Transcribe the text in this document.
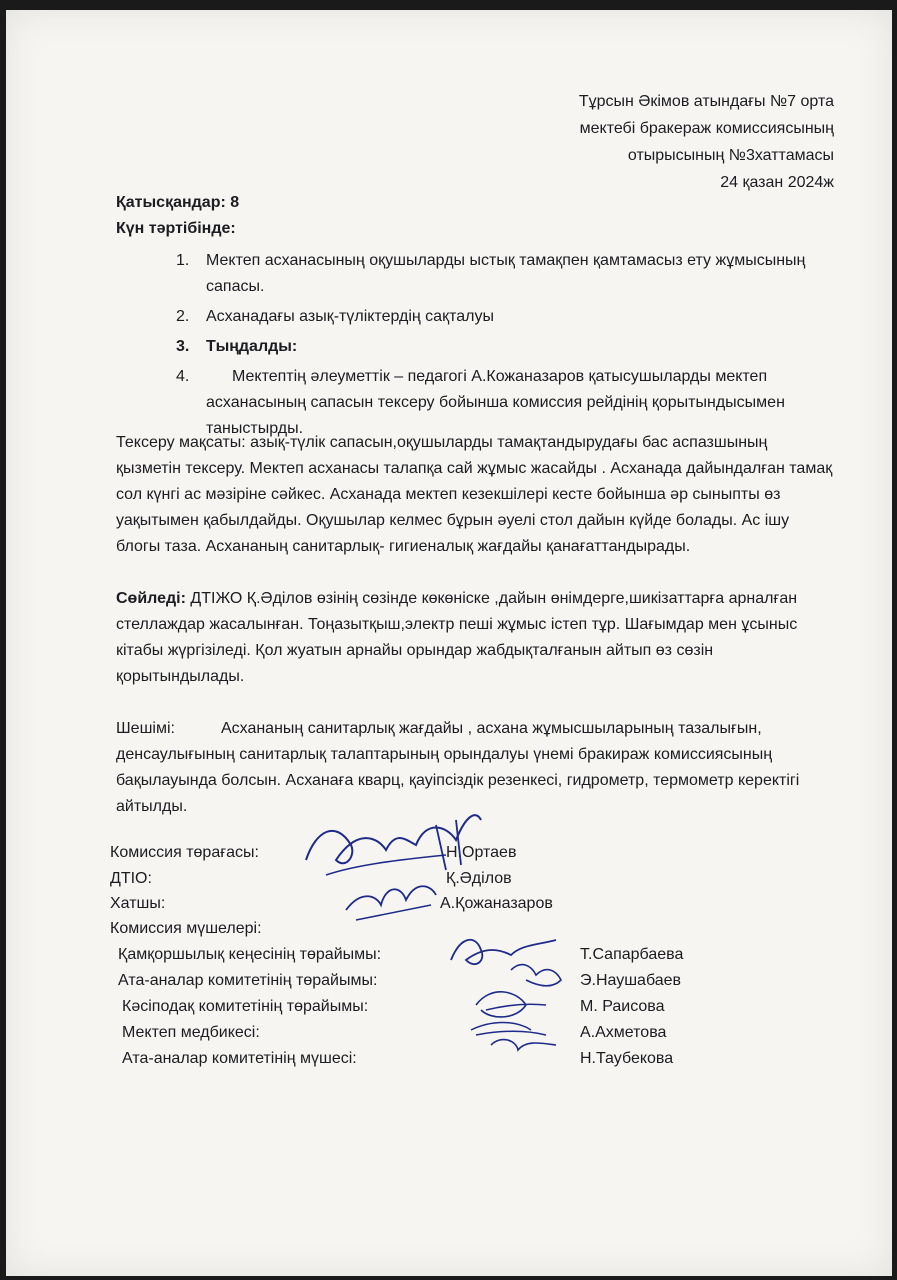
Тұрсын Әкімов атындағы №7 орта
мектебі бракераж комиссиясының
отырысының №3хаттамасы
24 қазан 2024ж
Қатысқандар: 8
Күн тәртібінде:
1.	Мектеп асханасының оқушыларды ыстық тамақпен қамтамасыз ету жұмысының сапасы.
2.	Асханадағы азық-түліктердің сақталуы
3.	Тыңдалды:
4.	Мектептің әлеуметтік – педагогі А.Кожаназаров қатысушыларды мектеп асханасының сапасын тексеру бойынша комиссия рейдінің қорытындысымен таныстырды.

Тексеру мақсаты: азық-түлік сапасын,оқушыларды тамақтандырудағы бас аспазшының қызметін тексеру. Мектеп асханасы талапқа сай жұмыс жасайды . Асханада дайындалған тамақ сол күнгі ас мәзіріне сәйкес. Асханада мектеп кезекшілері кесте бойынша әр сыныпты өз уақытымен қабылдайды. Оқушылар келмес бұрын әуелі стол дайын күйде болады. Ас ішу блогы таза. Асхананың санитарлық- гигиеналық жағдайы қанағаттандырады.

Сөйледі: ДТІЖО Қ.Әділов өзінің сөзінде көкөніске ,дайын өнімдерге,шикізаттарға арналған стеллаждар жасалынған. Тоңазытқыш,электр пеші жұмыс істеп тұр. Шағымдар мен ұсыныс кітабы жүргізіледі. Қол жуатын арнайы орындар жабдықталғанын айтып өз сөзін қорытындылады.

Шешімі:	Асхананың санитарлық жағдайы , асхана жұмысшыларының тазалығын, денсаулығының санитарлық талаптарының орындалуы үнемі бракираж комиссиясының бақылауында болсын. Асханаға кварц, қауіпсіздік резенкесі, гидрометр, термометр керектігі айтылды.

Комиссия төрағасы:	Н.Ортаев
ДТІО:	Қ.Әділов
Хатшы:	А.Қожаназаров
Комиссия мүшелері:
Қамқоршылық кеңесінің төрайымы:	Т.Сапарбаева
Ата-аналар комитетінің төрайымы:	Э.Наушабаев
Кәсіподақ комитетінің төрайымы:	М. Раисова
Мектеп медбикесі:	А.Ахметова
Ата-аналар комитетінің мүшесі:	Н.Таубекова
